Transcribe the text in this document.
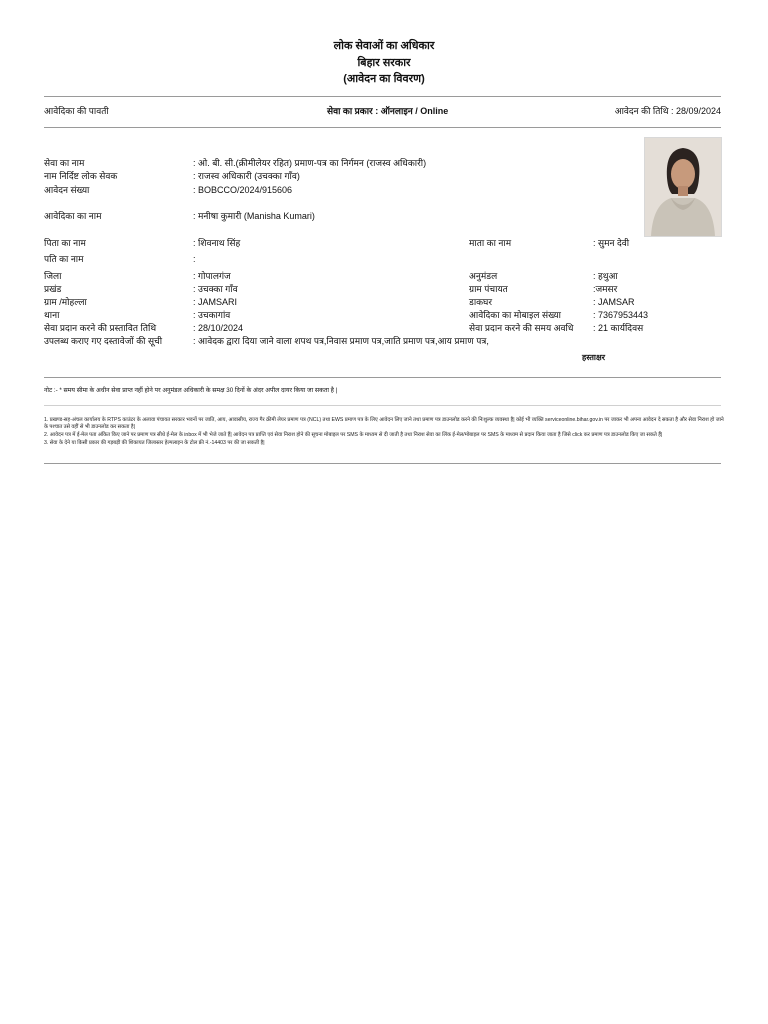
लोक सेवाओं का अधिकार
बिहार सरकार
(आवेदन का विवरण)
आवेदिका की पावती	सेवा का प्रकार : ऑनलाइन / Online	आवेदन की तिथि : 28/09/2024
सेवा का नाम	: ओ. बी. सी.(क्रीमीलेयर रहित) प्रमाण-पत्र का निर्गमन (राजस्व अधिकारी)
नाम निर्दिष्ट लोक सेवक	: राजस्व अधिकारी (उचक्का गाँव)
आवेदन संख्या	: BOBCCO/2024/915606
आवेदिका का नाम	: मनीषा कुमारी (Manisha Kumari)
पिता का नाम	: शिवनाथ सिंह	माता का नाम	: सुमन देवी
पति का नाम	:
जिला	: गोपालगंज	अनुमंडल	: हथुआ
प्रखंड	: उचक्का गाँव	ग्राम पंचायत	:जमसर
ग्राम /मोहल्ला	: JAMSARI	डाकघर	: JAMSAR
थाना	: उचकागांव	आवेदिका का मोबाइल संख्या	: 7367953443
सेवा प्रदान करने की प्रस्तावित तिथि	: 28/10/2024	सेवा प्रदान करने की समय अवधि : 21 कार्यदिवस
उपलब्ध कराए गए दस्तावेजों की सूची	: आवेदक द्वारा दिया जाने वाला शपथ पत्र,निवास प्रमाण पत्र,जाति प्रमाण पत्र,आय प्रमाण पत्र,
हस्ताक्षर
नोट :- * समय सीमा के अधीन सेवा प्राप्त नहीं होने पर अनुमंडल अधिकारी के समक्ष 30 दिनों के अंदर अपील दायर किया जा सकता है |
1. प्रखण्ड-सह-अंचल कार्यालय के RTPS काउंटर के अलावा पंचायत सरकार भवनों पर जाति, आय, आवासीय, राज्य गैर क्रीमी लेयर प्रमाण पत्र (NCL) तथा EWS प्रमाण पत्र के लिए आवेदन लिए जाने तथा प्रमाण पत्र डाउनलोड करने की निःशुल्क व्यवस्था है| कोई भी व्यक्ति serviceonline.bihar.gov.in पर जाकर भी अपना आवेदन दे सकता है और सेवा निराश हो जाने के पश्चात उसे वहीं से भी डाउनलोड कर सकता है|
2. आवेदन पत्र में ई-मेल पता अंकित किए जाने पर प्रमाण पत्र सीधे ई-मेल के inbox में भी भेजे जाते हैं| आवेदन पत्र प्राप्ति एवं सेवा निराश होने की सूचना मोबाइल पर SMS के माध्यम से दी जाती है तथा निराश सेवा का लिंक ई-मेल/मोबाइल पर SMS के माध्यम से प्रदान किया जाता है जिसे click कर प्रमाण पत्र डाउनलोड किए जा सकते हैं|
3. सेवा के देने या किसी प्रकार की गड़बड़ी की शिकायत जिलास्तर हेल्पलाइन के टोल फ्री नं.-14403 पर की जा सकती है|
